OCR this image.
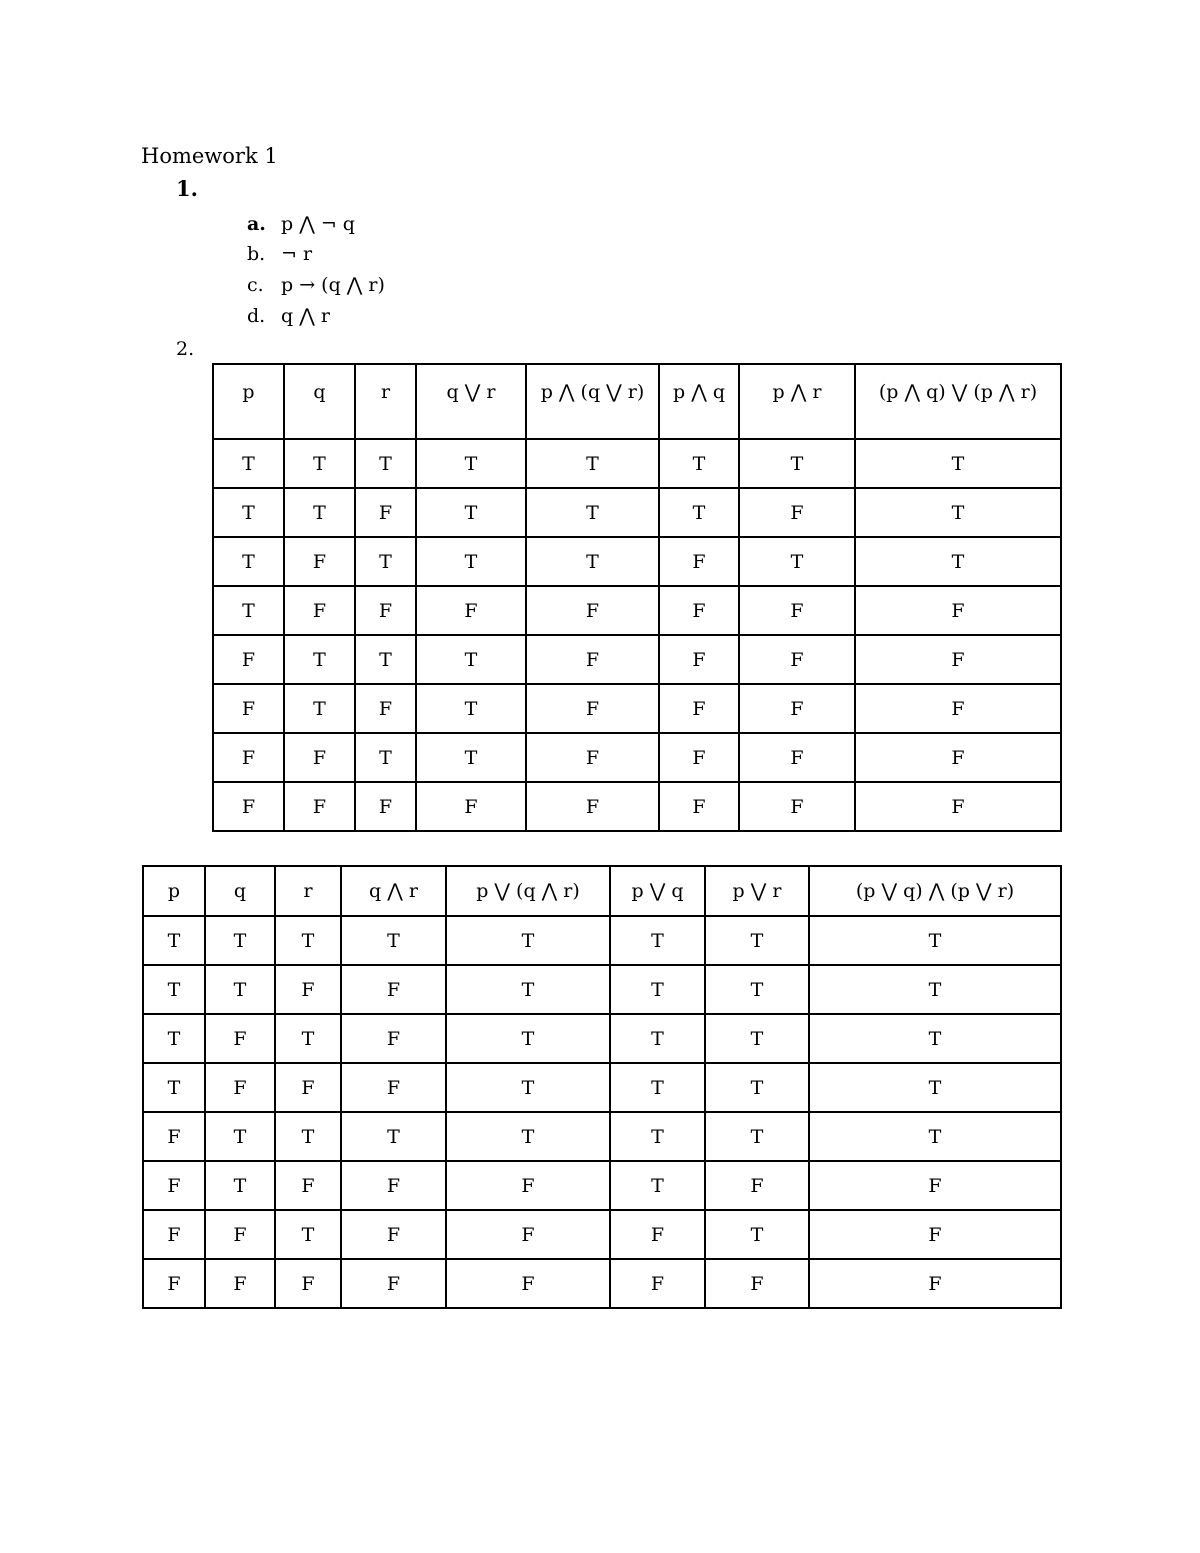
Homework 1
1.
a. p ⋀ ¬ q
b. ¬ r
c. p → (q ⋀ r)
d. q ⋀ r
2.
p	q	r	q ⋁ r	p ⋀ (q ⋁ r)	p ⋀ q	p ⋀ r	(p ⋀ q) ⋁ (p ⋀ r)
T	T	T	T	T	T	T	T
T	T	F	T	T	T	F	T
T	F	T	T	T	F	T	T
T	F	F	F	F	F	F	F
F	T	T	T	F	F	F	F
F	T	F	T	F	F	F	F
F	F	T	T	F	F	F	F
F	F	F	F	F	F	F	F
p	q	r	q ⋀ r	p ⋁ (q ⋀ r)	p ⋁ q	p ⋁ r	(p ⋁ q) ⋀ (p ⋁ r)
T	T	T	T	T	T	T	T
T	T	F	F	T	T	T	T
T	F	T	F	T	T	T	T
T	F	F	F	T	T	T	T
F	T	T	T	T	T	T	T
F	T	F	F	F	T	F	F
F	F	T	F	F	F	T	F
F	F	F	F	F	F	F	F
